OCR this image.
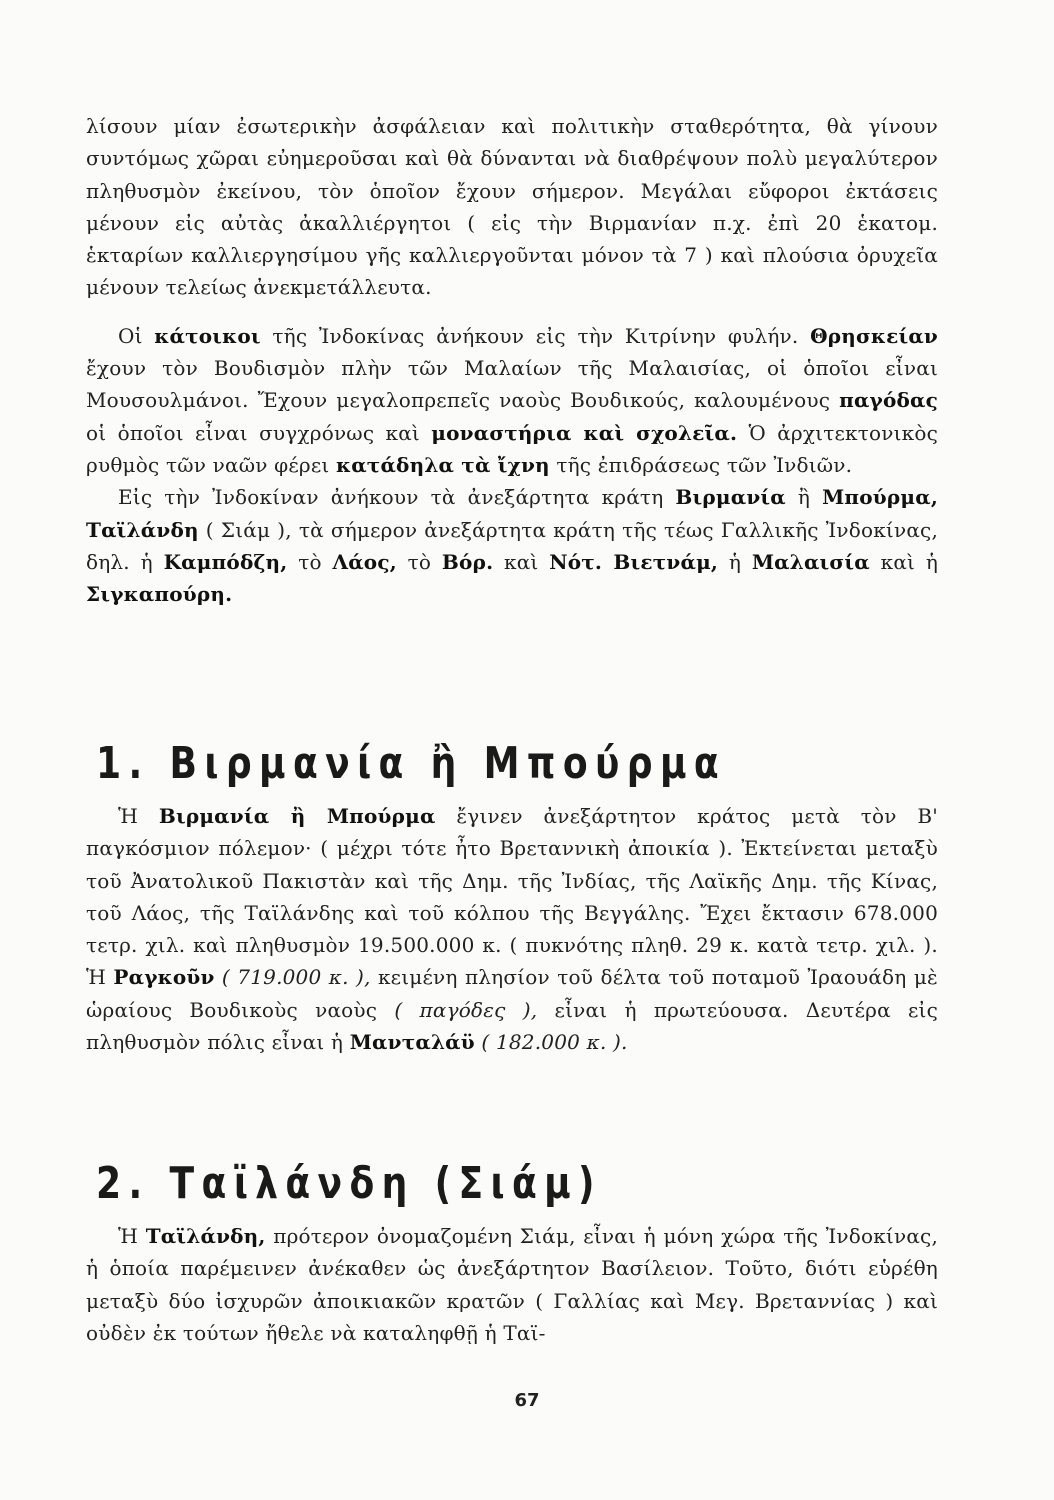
λίσουν μίαν ἐσωτερικὴν ἀσφάλειαν καὶ πολιτικὴν σταθερότητα, θὰ γίνουν συντόμως χῶραι εὐημεροῦσαι καὶ θὰ δύνανται νὰ διαθρέψουν πολὺ μεγαλύτερον πληθυσμὸν ἐκείνου, τὸν ὁποῖον ἔχουν σήμερον. Μεγάλαι εὔφοροι ἐκτάσεις μένουν εἰς αὐτὰς ἀκαλλιέργητοι ( εἰς τὴν Βιρμανίαν π.χ. ἐπὶ 20 ἑκατομ. ἑκταρίων καλλιεργησίμου γῆς καλλιεργοῦνται μόνον τὰ 7 ) καὶ πλούσια ὀρυχεῖα μένουν τελείως ἀνεκμετάλλευτα.

Οἱ κάτοικοι τῆς Ἰνδοκίνας ἀνήκουν εἰς τὴν Κιτρίνην φυλήν. Θρησκείαν ἔχουν τὸν Βουδισμὸν πλὴν τῶν Μαλαίων τῆς Μαλαισίας, οἱ ὁποῖοι εἶναι Μουσουλμάνοι. Ἔχουν μεγαλοπρεπεῖς ναοὺς Βουδικούς, καλουμένους παγόδας οἱ ὁποῖοι εἶναι συγχρόνως καὶ μοναστήρια καὶ σχολεῖα. Ὁ ἀρχιτεκτονικὸς ρυθμὸς τῶν ναῶν φέρει κατάδηλα τὰ ἴχνη τῆς ἐπιδράσεως τῶν Ἰνδιῶν.

Εἰς τὴν Ἰνδοκίναν ἀνήκουν τὰ ἀνεξάρτητα κράτη Βιρμανία ἢ Μπούρμα, Ταϊλάνδη ( Σιάμ ), τὰ σήμερον ἀνεξάρτητα κράτη τῆς τέως Γαλλικῆς Ἰνδοκίνας, δηλ. ἡ Καμπόδζη, τὸ Λάος, τὸ Βόρ. καὶ Νότ. Βιετνάμ, ἡ Μαλαισία καὶ ἡ Σιγκαπούρη.

1. Βιρμανία ἢ Μπούρμα

Ἡ Βιρμανία ἢ Μπούρμα ἔγινεν ἀνεξάρτητον κράτος μετὰ τὸν Β' παγκόσμιον πόλεμον· ( μέχρι τότε ἦτο Βρεταννικὴ ἀποικία ). Ἐκτείνεται μεταξὺ τοῦ Ἀνατολικοῦ Πακιστὰν καὶ τῆς Δημ. τῆς Ἰνδίας, τῆς Λαϊκῆς Δημ. τῆς Κίνας, τοῦ Λάος, τῆς Ταϊλάνδης καὶ τοῦ κόλπου τῆς Βεγγάλης. Ἔχει ἔκτασιν 678.000 τετρ. χιλ. καὶ πληθυσμὸν 19.500.000 κ. ( πυκνότης πληθ. 29 κ. κατὰ τετρ. χιλ. ). Ἡ Ραγκοῦν ( 719.000 κ. ), κειμένη πλησίον τοῦ δέλτα τοῦ ποταμοῦ Ἰραουάδη μὲ ὡραίους Βουδικοὺς ναοὺς ( παγόδες ), εἶναι ἡ πρωτεύουσα. Δευτέρα εἰς πληθυσμὸν πόλις εἶναι ἡ Μανταλάϋ ( 182.000 κ. ).

2. Ταϊλάνδη (Σιάμ)

Ἡ Ταϊλάνδη, πρότερον ὀνομαζομένη Σιάμ, εἶναι ἡ μόνη χώρα τῆς Ἰνδοκίνας, ἡ ὁποία παρέμεινεν ἀνέκαθεν ὡς ἀνεξάρτητον Βασίλειον. Τοῦτο, διότι εὑρέθη μεταξὺ δύο ἰσχυρῶν ἀποικιακῶν κρατῶν ( Γαλλίας καὶ Μεγ. Βρεταννίας ) καὶ οὐδὲν ἐκ τούτων ἤθελε νὰ καταληφθῇ ἡ Ταϊ-

67
